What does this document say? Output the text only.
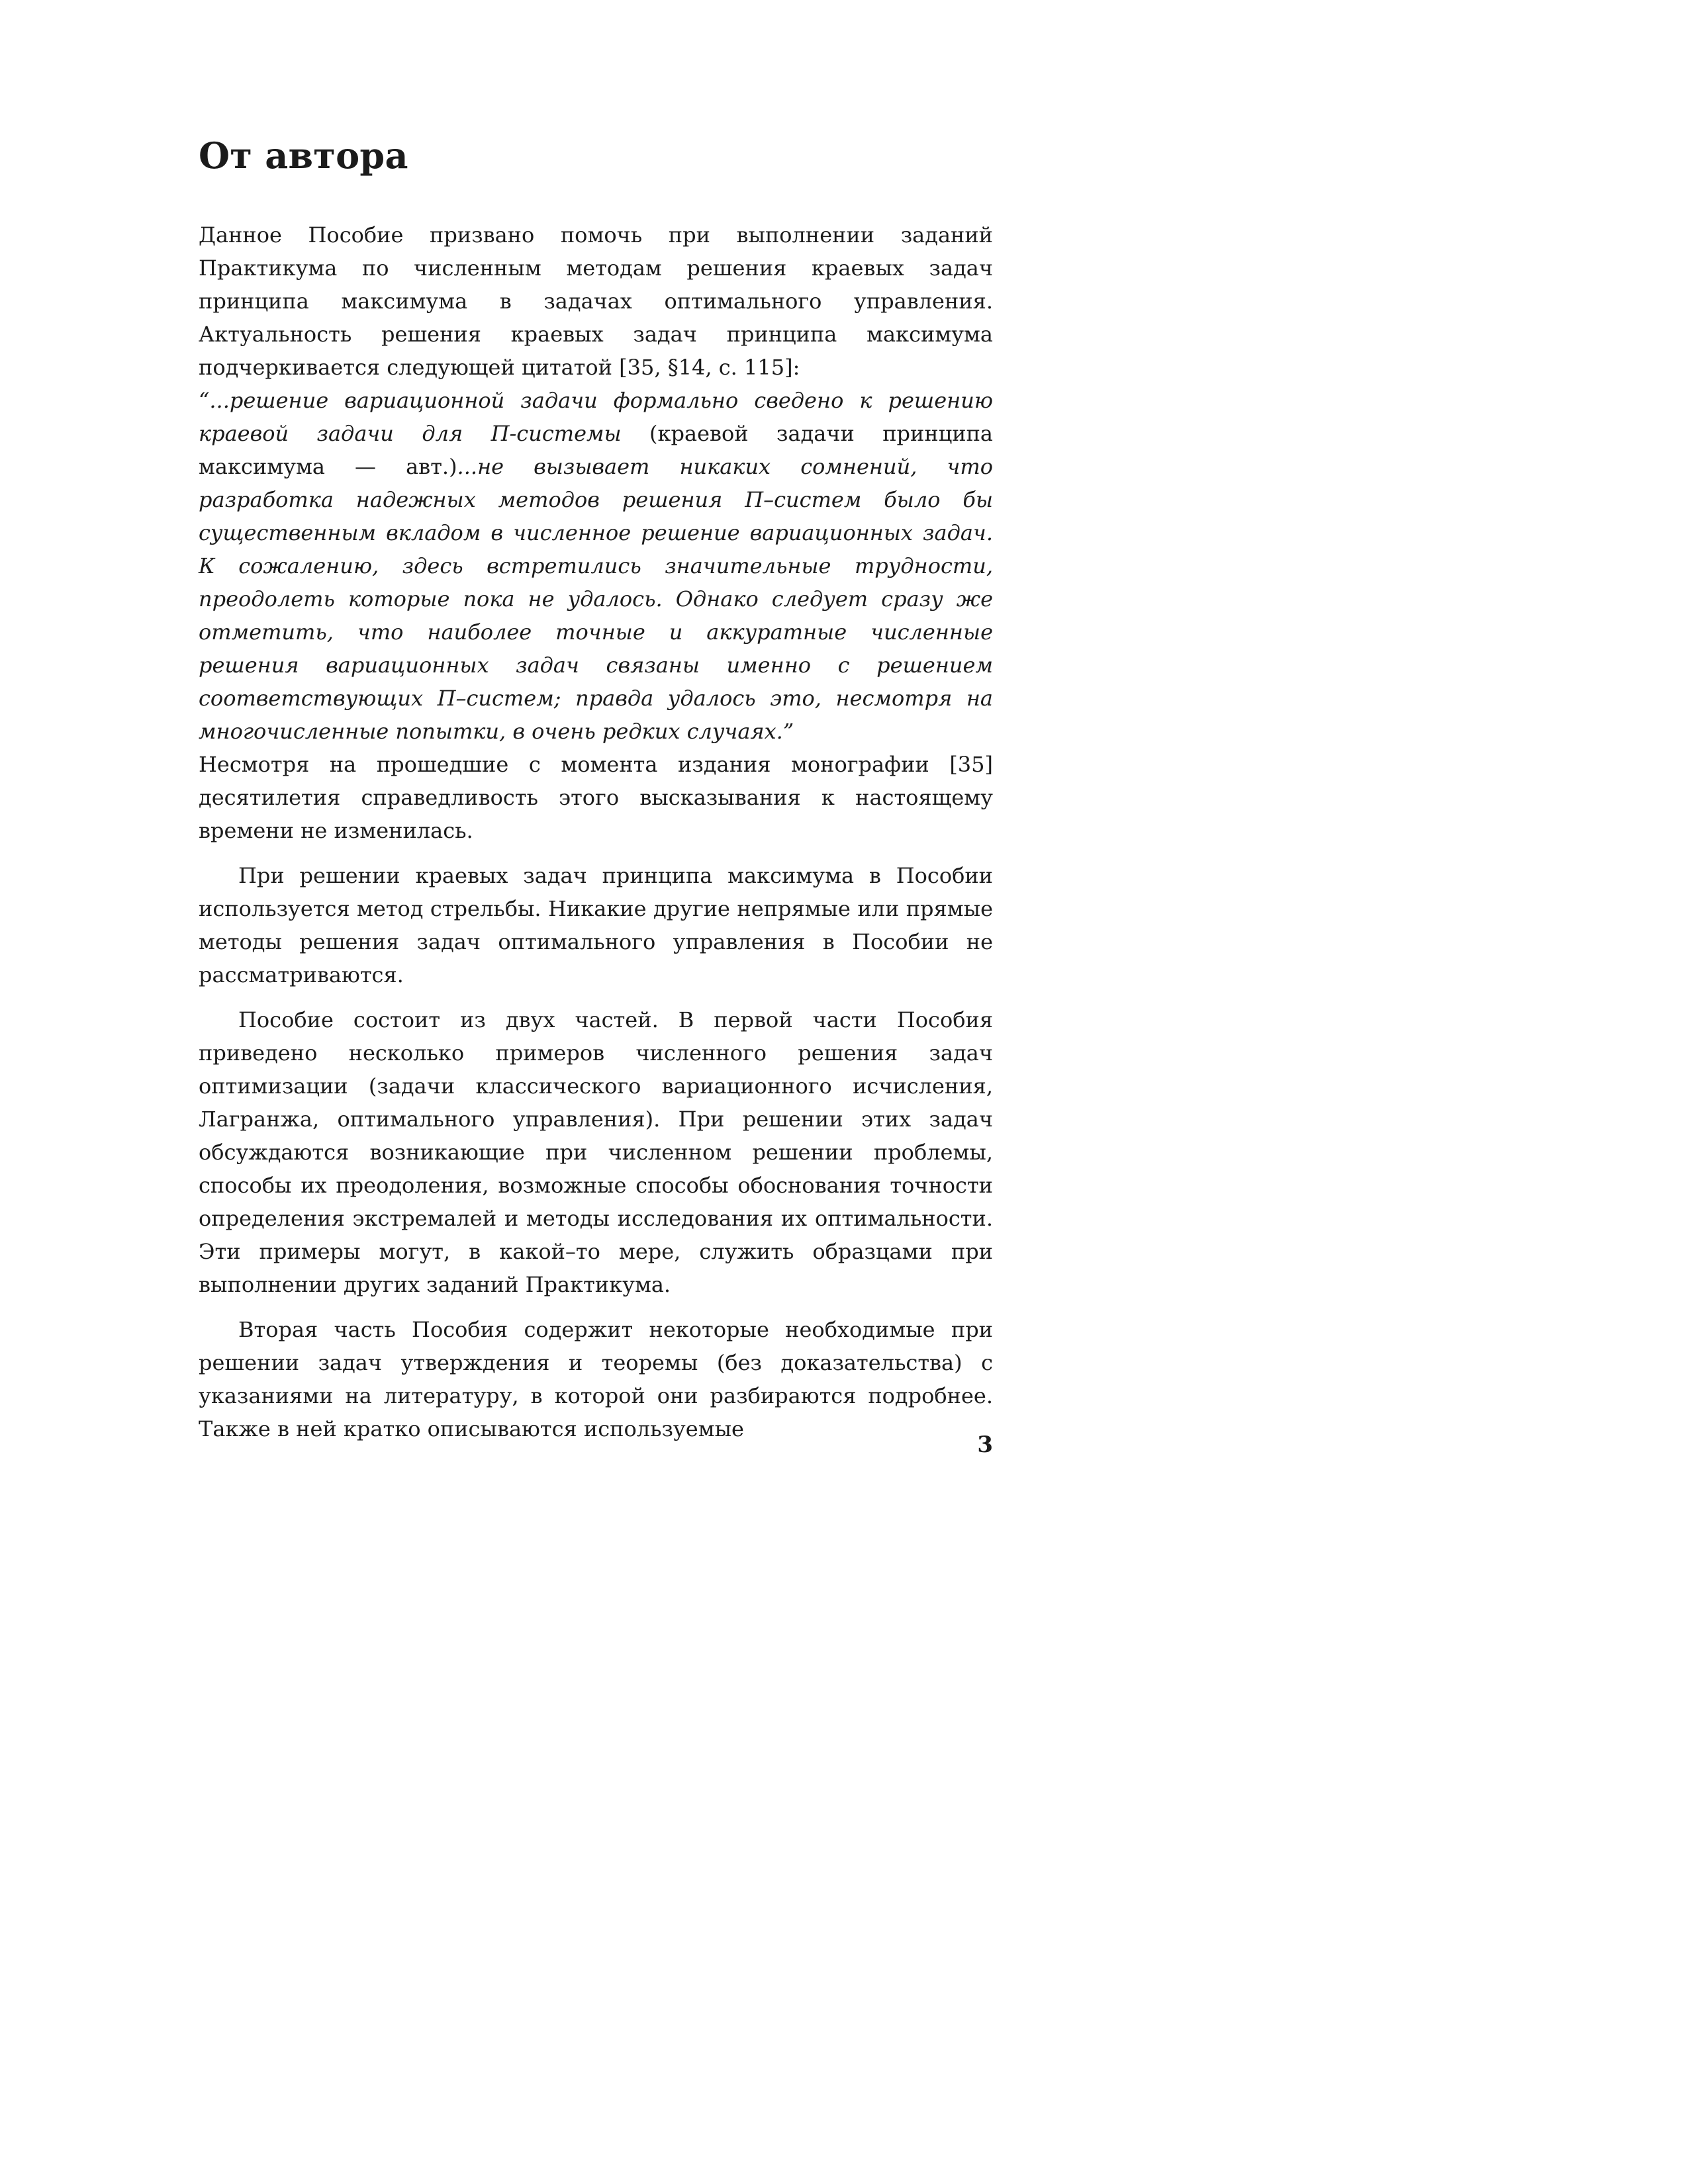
От автора

Данное Пособие призвано помочь при выполнении заданий Практикума по численным методам решения краевых задач принципа максимума в задачах оптимального управления. Актуальность решения краевых задач принципа максимума подчеркивается следующей цитатой [35, §14, с. 115]:

“...решение вариационной задачи формально сведено к решению краевой задачи для П-системы (краевой задачи принципа максимума — авт.)...не вызывает никаких сомнений, что разработка надежных методов решения П–систем было бы существенным вкладом в численное решение вариационных задач. К сожалению, здесь встретились значительные трудности, преодолеть которые пока не удалось. Однако следует сразу же отметить, что наиболее точные и аккуратные численные решения вариационных задач связаны именно с решением соответствующих П–систем; правда удалось это, несмотря на многочисленные попытки, в очень редких случаях.”

Несмотря на прошедшие с момента издания монографии [35] десятилетия справедливость этого высказывания к настоящему времени не изменилась.

При решении краевых задач принципа максимума в Пособии используется метод стрельбы. Никакие другие непрямые или прямые методы решения задач оптимального управления в Пособии не рассматриваются.

Пособие состоит из двух частей. В первой части Пособия приведено несколько примеров численного решения задач оптимизации (задачи классического вариационного исчисления, Лагранжа, оптимального управления). При решении этих задач обсуждаются возникающие при численном решении проблемы, способы их преодоления, возможные способы обоснования точности определения экстремалей и методы исследования их оптимальности. Эти примеры могут, в какой–то мере, служить образцами при выполнении других заданий Практикума.

Вторая часть Пособия содержит некоторые необходимые при решении задач утверждения и теоремы (без доказательства) с указаниями на литературу, в которой они разбираются подробнее. Также в ней кратко описываются используемые

3
